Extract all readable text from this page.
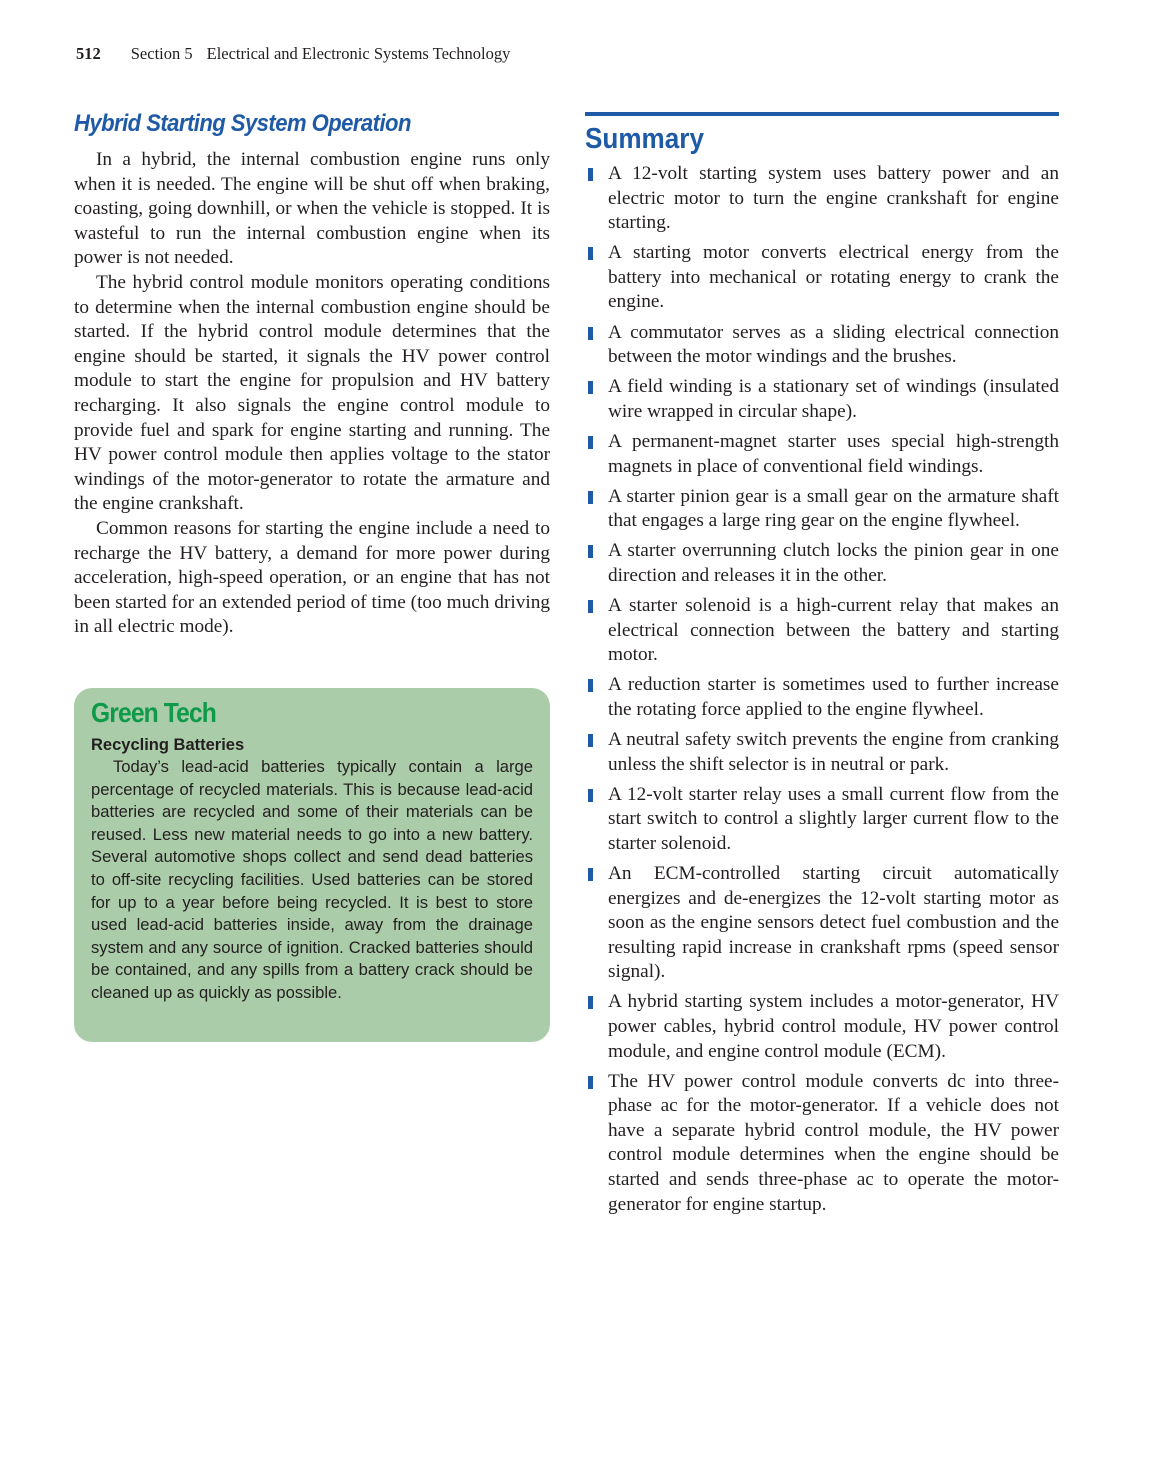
512 Section 5 Electrical and Electronic Systems Technology
Hybrid Starting System Operation

In a hybrid, the internal combustion engine runs only when it is needed. The engine will be shut off when braking, coasting, going downhill, or when the vehicle is stopped. It is wasteful to run the internal combustion engine when its power is not needed.

The hybrid control module monitors operating conditions to determine when the internal combustion engine should be started. If the hybrid control module determines that the engine should be started, it signals the HV power control module to start the engine for propulsion and HV battery recharging. It also signals the engine control module to provide fuel and spark for engine starting and running. The HV power control module then applies voltage to the stator windings of the motor-generator to rotate the armature and the engine crankshaft.

Common reasons for starting the engine include a need to recharge the HV battery, a demand for more power during acceleration, high-speed operation, or an engine that has not been started for an extended period of time (too much driving in all electric mode).

Green Tech
Recycling Batteries

Today’s lead-acid batteries typically contain a large percentage of recycled materials. This is because lead-acid batteries are recycled and some of their materials can be reused. Less new material needs to go into a new battery. Several automotive shops collect and send dead batteries to off-site recycling facilities. Used batteries can be stored for up to a year before being recycled. It is best to store used lead-acid batteries inside, away from the drainage system and any source of ignition. Cracked batteries should be contained, and any spills from a battery crack should be cleaned up as quickly as possible.

Summary
A 12-volt starting system uses battery power and an electric motor to turn the engine crankshaft for engine starting.
A starting motor converts electrical energy from the battery into mechanical or rotating energy to crank the engine.
A commutator serves as a sliding electrical connection between the motor windings and the brushes.
A field winding is a stationary set of windings (insulated wire wrapped in circular shape).
A permanent-magnet starter uses special high-strength magnets in place of conventional field windings.
A starter pinion gear is a small gear on the armature shaft that engages a large ring gear on the engine flywheel.
A starter overrunning clutch locks the pinion gear in one direction and releases it in the other.
A starter solenoid is a high-current relay that makes an electrical connection between the battery and starting motor.
A reduction starter is sometimes used to further increase the rotating force applied to the engine flywheel.
A neutral safety switch prevents the engine from cranking unless the shift selector is in neutral or park.
A 12-volt starter relay uses a small current flow from the start switch to control a slightly larger current flow to the starter solenoid.
An ECM-controlled starting circuit automatically energizes and de-energizes the 12-volt starting motor as soon as the engine sensors detect fuel combustion and the resulting rapid increase in crankshaft rpms (speed sensor signal).
A hybrid starting system includes a motor-generator, HV power cables, hybrid control module, HV power control module, and engine control module (ECM).
The HV power control module converts dc into three-phase ac for the motor-generator. If a vehicle does not have a separate hybrid control module, the HV power control module determines when the engine should be started and sends three-phase ac to operate the motor-generator for engine startup.
